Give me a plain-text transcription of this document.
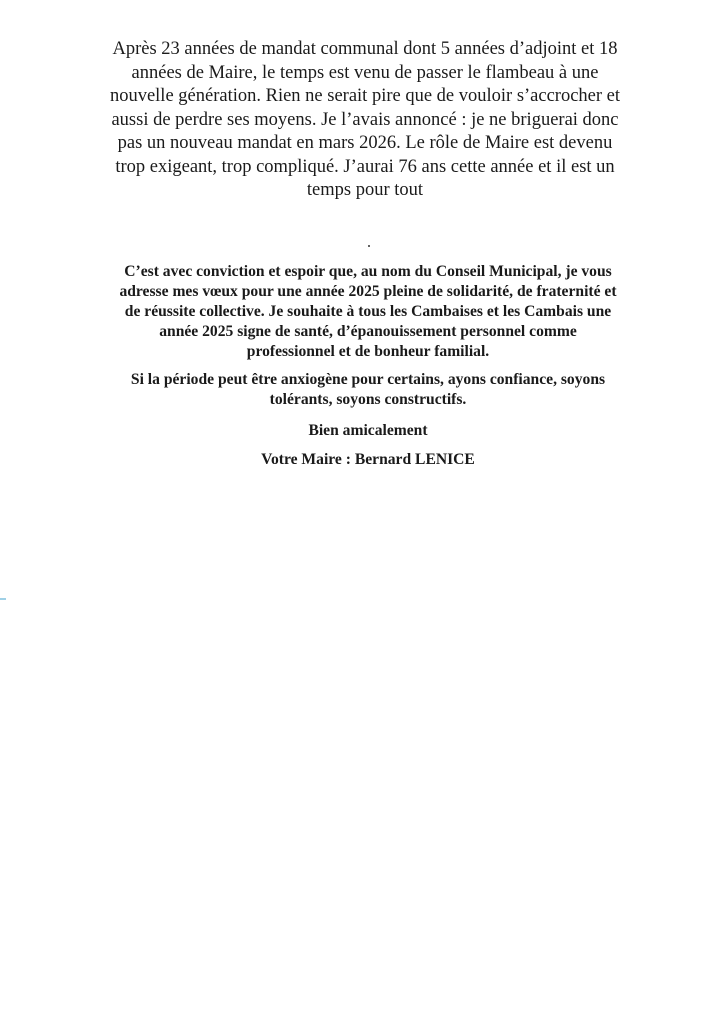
Après 23 années de mandat communal dont 5 années d’adjoint et 18
années de Maire, le temps est venu de passer le flambeau à une
nouvelle génération. Rien ne serait pire que de vouloir s’accrocher et
aussi de perdre ses moyens. Je l’avais annoncé : je ne briguerai donc
pas un nouveau mandat en mars 2026. Le rôle de Maire est devenu
trop exigeant, trop compliqué. J’aurai 76 ans cette année et il est un
temps pour tout

C’est avec conviction et espoir que, au nom du Conseil Municipal, je vous
adresse mes vœux pour une année 2025 pleine de solidarité, de fraternité et
de réussite collective. Je souhaite à tous les Cambaises et les Cambais une
année 2025 signe de santé, d’épanouissement personnel comme
professionnel et de bonheur familial.

Si la période peut être anxiogène pour certains, ayons confiance, soyons
tolérants, soyons constructifs.

Bien amicalement

Votre Maire : Bernard LENICE
